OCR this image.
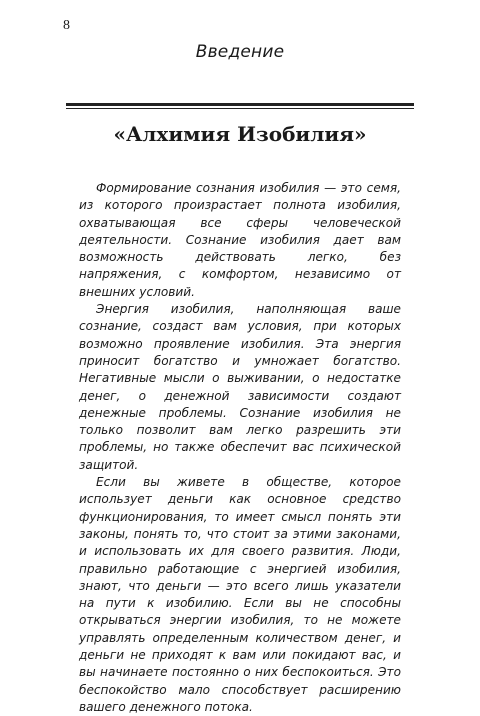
8
Введение
«Алхимия Изобилия»

Формирование сознания изобилия — это семя, из которого произрастает полнота изобилия, охватывающая все сферы человеческой деятельности. Сознание изобилия дает вам возможность действовать легко, без напряжения, с комфортом, независимо от внешних условий.

Энергия изобилия, наполняющая ваше сознание, создаст вам условия, при которых возможно проявление изобилия. Эта энергия приносит богатство и умножает богатство. Негативные мысли о выживании, о недостатке денег, о денежной зависимости создают денежные проблемы. Сознание изобилия не только позволит вам легко разрешить эти проблемы, но также обеспечит вас психической защитой.

Если вы живете в обществе, которое использует деньги как основное средство функционирования, то имеет смысл понять эти законы, понять то, что стоит за этими законами, и использовать их для своего развития. Люди, правильно работающие с энергией изобилия, знают, что деньги — это всего лишь указатели на пути к изобилию. Если вы не способны открываться энергии изобилия, то не можете управлять определенным количеством денег, и деньги не приходят к вам или покидают вас, и вы начинаете постоянно о них беспокоиться. Это беспокойство мало способствует расширению вашего денежного потока.
